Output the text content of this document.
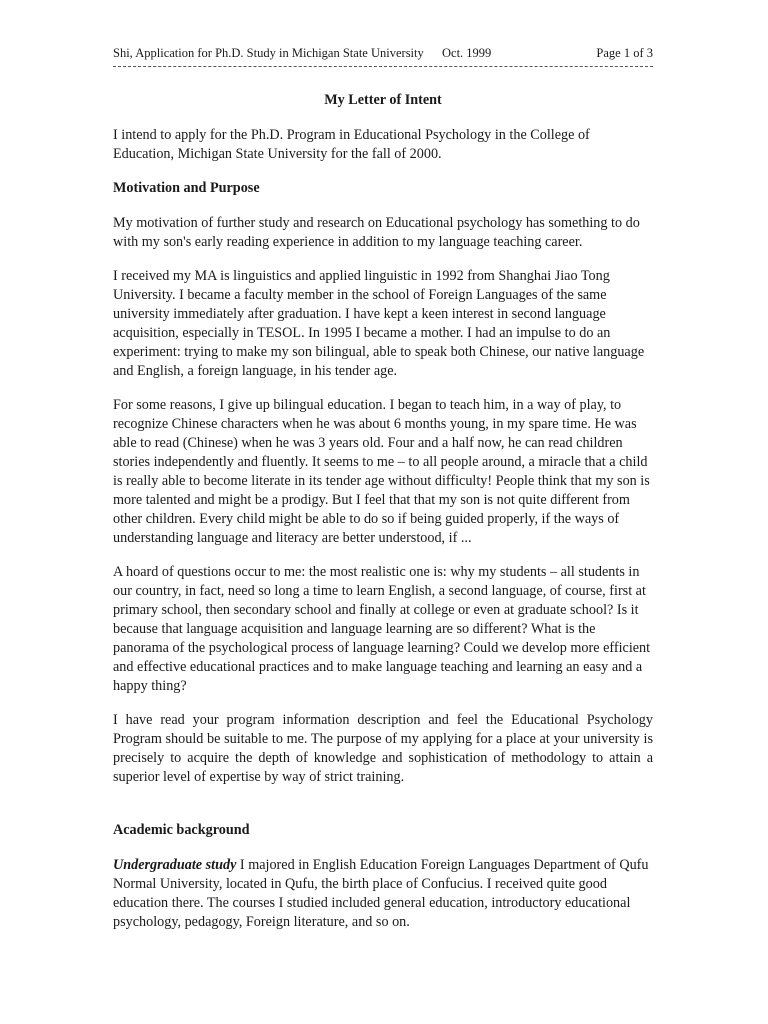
Shi, Application for Ph.D. Study in Michigan State University Oct. 1999	Page 1 of 3
My Letter of Intent

I intend to apply for the Ph.D. Program in Educational Psychology in the College of Education, Michigan State University for the fall of 2000.

Motivation and Purpose

My motivation of further study and research on Educational psychology has something to do with my son's early reading experience in addition to my language teaching career.

I received my MA is linguistics and applied linguistic in 1992 from Shanghai Jiao Tong University. I became a faculty member in the school of Foreign Languages of the same university immediately after graduation. I have kept a keen interest in second language acquisition, especially in TESOL. In 1995 I became a mother. I had an impulse to do an experiment: trying to make my son bilingual, able to speak both Chinese, our native language and English, a foreign language, in his tender age.

For some reasons, I give up bilingual education. I began to teach him, in a way of play, to recognize Chinese characters when he was about 6 months young, in my spare time. He was able to read (Chinese) when he was 3 years old. Four and a half now, he can read children stories independently and fluently. It seems to me – to all people around, a miracle that a child is really able to become literate in its tender age without difficulty! People think that my son is more talented and might be a prodigy. But I feel that that my son is not quite different from other children. Every child might be able to do so if being guided properly, if the ways of understanding language and literacy are better understood, if ...

A hoard of questions occur to me: the most realistic one is: why my students – all students in our country, in fact, need so long a time to learn English, a second language, of course, first at primary school, then secondary school and finally at college or even at graduate school? Is it because that language acquisition and language learning are so different? What is the panorama of the psychological process of language learning? Could we develop more efficient and effective educational practices and to make language teaching and learning an easy and a happy thing?

I have read your program information description and feel the Educational Psychology Program should be suitable to me. The purpose of my applying for a place at your university is precisely to acquire the depth of knowledge and sophistication of methodology to attain a superior level of expertise by way of strict training.

Academic background

Undergraduate study I majored in English Education Foreign Languages Department of Qufu Normal University, located in Qufu, the birth place of Confucius. I received quite good education there. The courses I studied included general education, introductory educational psychology, pedagogy, Foreign literature, and so on.
